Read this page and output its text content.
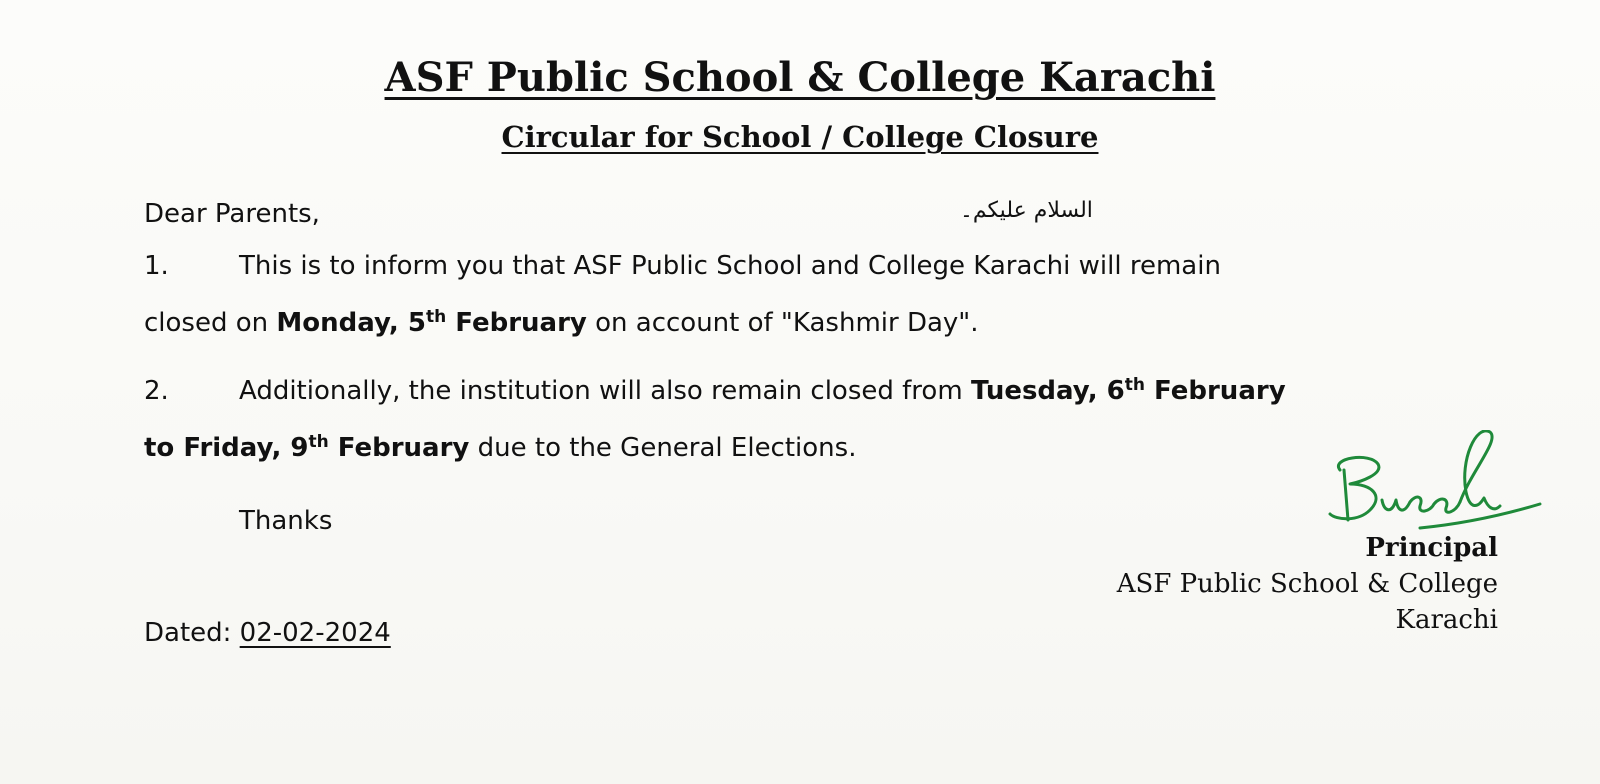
ASF Public School & College Karachi
Circular for School / College Closure
Dear Parents,	السلام علیکم۔
1.	This is to inform you that ASF Public School and College Karachi will remain
closed on Monday, 5th February on account of "Kashmir Day".
2.	Additionally, the institution will also remain closed from Tuesday, 6th February
to Friday, 9th February due to the General Elections.
Thanks
Dated: 02-02-2024
Principal
ASF Public School & College
Karachi
